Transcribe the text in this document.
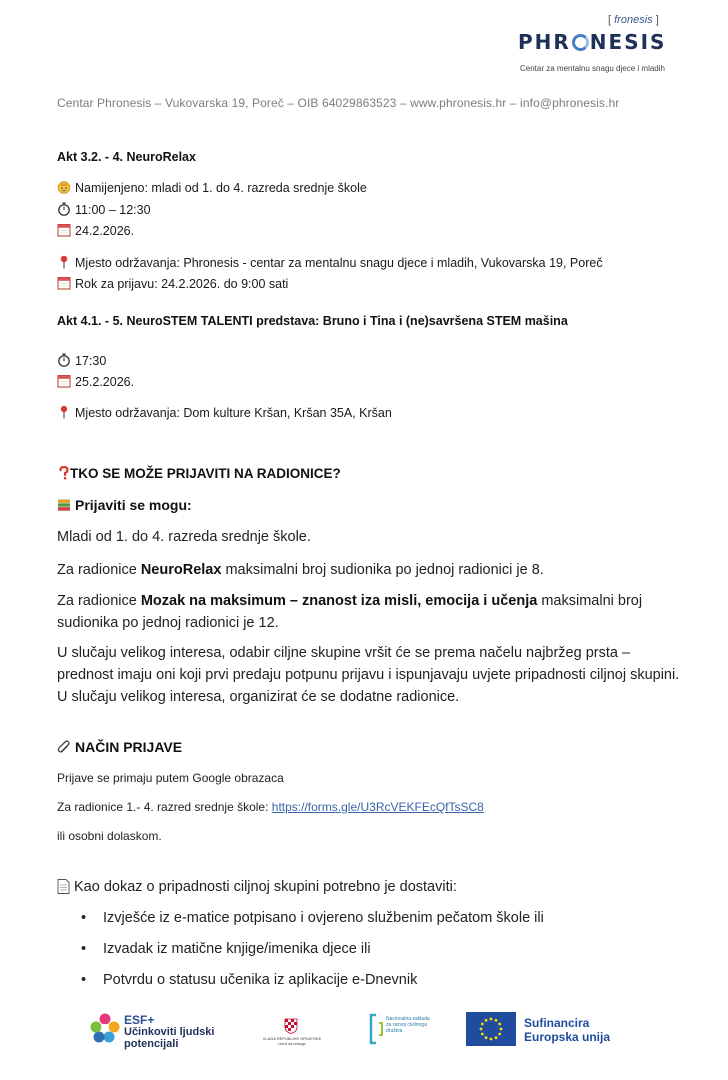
[ fronesis ]
PHR NESIS
Centar za mentalnu snagu djece i mladih
Centar Phronesis – Vukovarska 19, Poreč – OIB 64029863523 – www.phronesis.hr – info@phronesis.hr
Akt 3.2. - 4. NeuroRelax
Namijenjeno: mladi od 1. do 4. razreda srednje škole
11:00 – 12:30
24.2.2026.
Mjesto održavanja: Phronesis - centar za mentalnu snagu djece i mladih, Vukovarska 19, Poreč
Rok za prijavu: 24.2.2026. do 9:00 sati
Akt 4.1. - 5. NeuroSTEM TALENTI predstava: Bruno i Tina i (ne)savršena STEM mašina
17:30
25.2.2026.
Mjesto održavanja: Dom kulture Kršan, Kršan 35A, Kršan
TKO SE MOŽE PRIJAVITI NA RADIONICE?
Prijaviti se mogu:
Mladi od 1. do 4. razreda srednje škole.
Za radionice NeuroRelax maksimalni broj sudionika po jednoj radionici je 8.
Za radionice Mozak na maksimum – znanost iza misli, emocija i učenja maksimalni broj sudionika po jednoj radionici je 12.
U slučaju velikog interesa, odabir ciljne skupine vršit će se prema načelu najbržeg prsta – prednost imaju oni koji prvi predaju potpunu prijavu i ispunjavaju uvjete pripadnosti ciljnoj skupini. U slučaju velikog interesa, organizirat će se dodatne radionice.
NAČIN PRIJAVE
Prijave se primaju putem Google obrazaca
Za radionice 1.- 4. razred srednje škole: https://forms.gle/U3RcVEKFEcQfTsSC8
ili osobni dolaskom.
Kao dokaz o pripadnosti ciljnoj skupini potrebno je dostaviti:
• Izvješće iz e-matice potpisano i ovjereno službenim pečatom škole ili
• Izvadak iz matične knjige/imenika djece ili
• Potvrdu o statusu učenika iz aplikacije e-Dnevnik
ESF+
Učinkoviti ljudski
potencijali	VLADA REPUBLIKE HRVATSKE Ured za udruge
Nacionalna zaklada za razvoj civilnoga društva
Sufinancira
Europska unija
